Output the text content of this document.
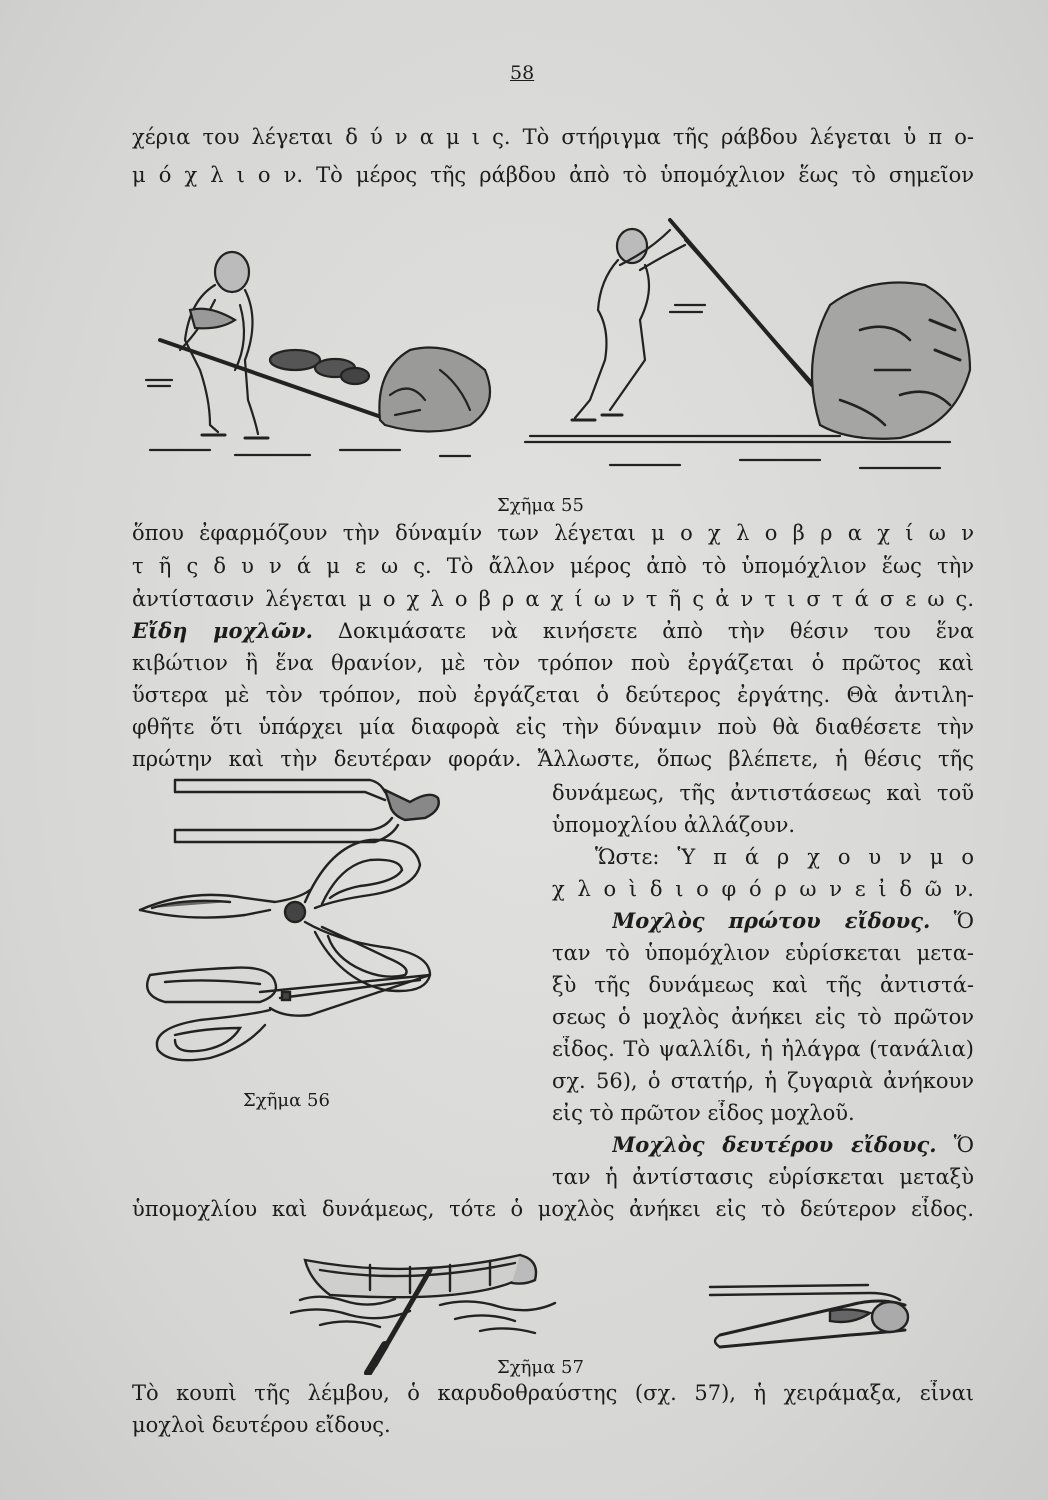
58
χέρια του λέγεται δ ύ ν α μ ι ς. Τὸ στήριγμα τῆς ράβδου λέγεται ὑ π ο-
μ ό χ λ ι ο ν. Τὸ μέρος τῆς ράβδου ἀπὸ τὸ ὑπομόχλιον ἕως τὸ σημεῖον
Σχῆμα 55
ὅπου ἐφαρμόζουν τὴν δύναμίν των λέγεται μ ο χ λ ο β ρ α χ ί ω ν
τ ῆ ς δ υ ν ά μ ε ω ς. Τὸ ἄλλον μέρος ἀπὸ τὸ ὑπομόχλιον ἕως τὴν
ἀντίστασιν λέγεται μ ο χ λ ο β ρ α χ ί ω ν τ ῆ ς ἀ ν τ ι σ τ ά σ ε ω ς.
Εἴδη μοχλῶν. Δοκιμάσατε νὰ κινήσετε ἀπὸ τὴν θέσιν του ἕνα
κιβώτιον ἢ ἕνα θρανίον, μὲ τὸν τρόπον ποὺ ἐργάζεται ὁ πρῶτος καὶ
ὕστερα μὲ τὸν τρόπον, ποὺ ἐργάζεται ὁ δεύτερος ἐργάτης. Θὰ ἀντιλη-
φθῆτε ὅτι ὑπάρχει μία διαφορὰ εἰς τὴν δύναμιν ποὺ θὰ διαθέσετε τὴν
πρώτην καὶ τὴν δευτέραν φοράν. Ἄλλωστε, ὅπως βλέπετε, ἡ θέσις τῆς
δυνάμεως, τῆς ἀντιστάσεως καὶ τοῦ
ὑπομοχλίου ἀλλάζουν.
Ὥστε: Ὑ π ά ρ χ ο υ ν μ ο
χ λ ο ὶ δ ι ο φ ό ρ ω ν ε ἰ δ ῶ ν.
Μοχλὸς πρώτου εἴδους. Ὅ
ταν τὸ ὑπομόχλιον εὑρίσκεται μετα-
ξὺ τῆς δυνάμεως καὶ τῆς ἀντιστά-
σεως ὁ μοχλὸς ἀνήκει εἰς τὸ πρῶτον
εἶδος. Τὸ ψαλλίδι, ἡ ἠλάγρα (τανάλια)
σχ. 56), ὁ στατήρ, ἡ ζυγαριὰ ἀνήκουν
εἰς τὸ πρῶτον εἶδος μοχλοῦ.
Σχῆμα 56
Μοχλὸς δευτέρου εἴδους. Ὅ
ταν ἡ ἀντίστασις εὑρίσκεται μεταξὺ
ὑπομοχλίου καὶ δυνάμεως, τότε ὁ μοχλὸς ἀνήκει εἰς τὸ δεύτερον εἶδος.
Σχῆμα 57
Τὸ κουπὶ τῆς λέμβου, ὁ καρυδοθραύστης (σχ. 57), ἡ χειράμαξα, εἶναι
μοχλοὶ δευτέρου εἴδους.
